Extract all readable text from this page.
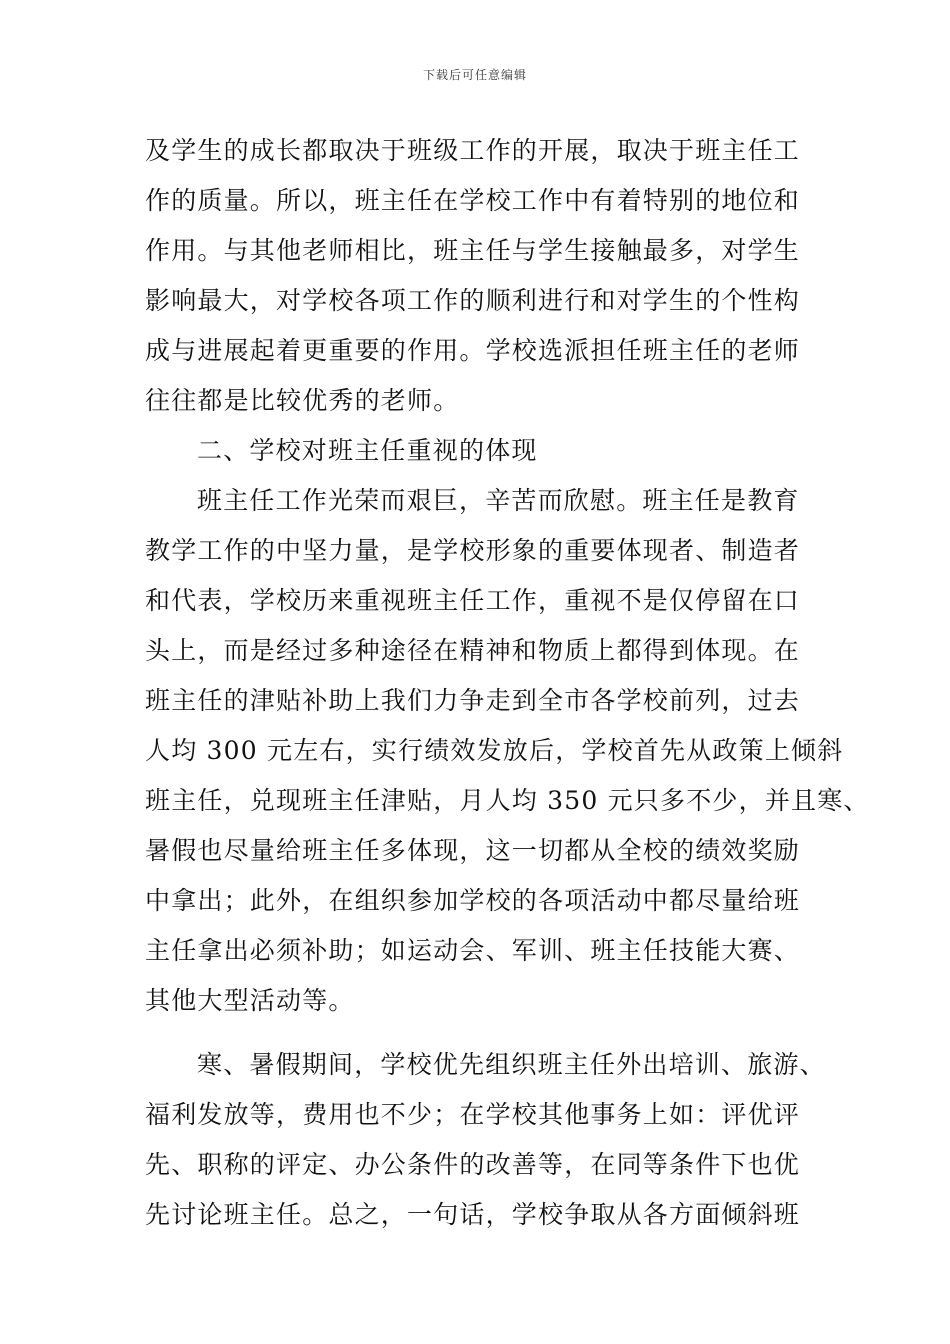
下载后可任意编辑
及学生的成长都取决于班级工作的开展，取决于班主任工
作的质量。所以，班主任在学校工作中有着特别的地位和
作用。与其他老师相比，班主任与学生接触最多，对学生
影响最大，对学校各项工作的顺利进行和对学生的个性构
成与进展起着更重要的作用。学校选派担任班主任的老师
往往都是比较优秀的老师。
二、学校对班主任重视的体现
班主任工作光荣而艰巨，辛苦而欣慰。班主任是教育
教学工作的中坚力量，是学校形象的重要体现者、制造者
和代表，学校历来重视班主任工作，重视不是仅停留在口
头上，而是经过多种途径在精神和物质上都得到体现。在
班主任的津贴补助上我们力争走到全市各学校前列，过去
人均 300 元左右，实行绩效发放后，学校首先从政策上倾斜
班主任，兑现班主任津贴，月人均 350 元只多不少，并且寒、
暑假也尽量给班主任多体现，这一切都从全校的绩效奖励
中拿出；此外，在组织参加学校的各项活动中都尽量给班
主任拿出必须补助；如运动会、军训、班主任技能大赛、
其他大型活动等。
寒、暑假期间，学校优先组织班主任外出培训、旅游、
福利发放等，费用也不少；在学校其他事务上如：评优评
先、职称的评定、办公条件的改善等，在同等条件下也优
先讨论班主任。总之，一句话，学校争取从各方面倾斜班
